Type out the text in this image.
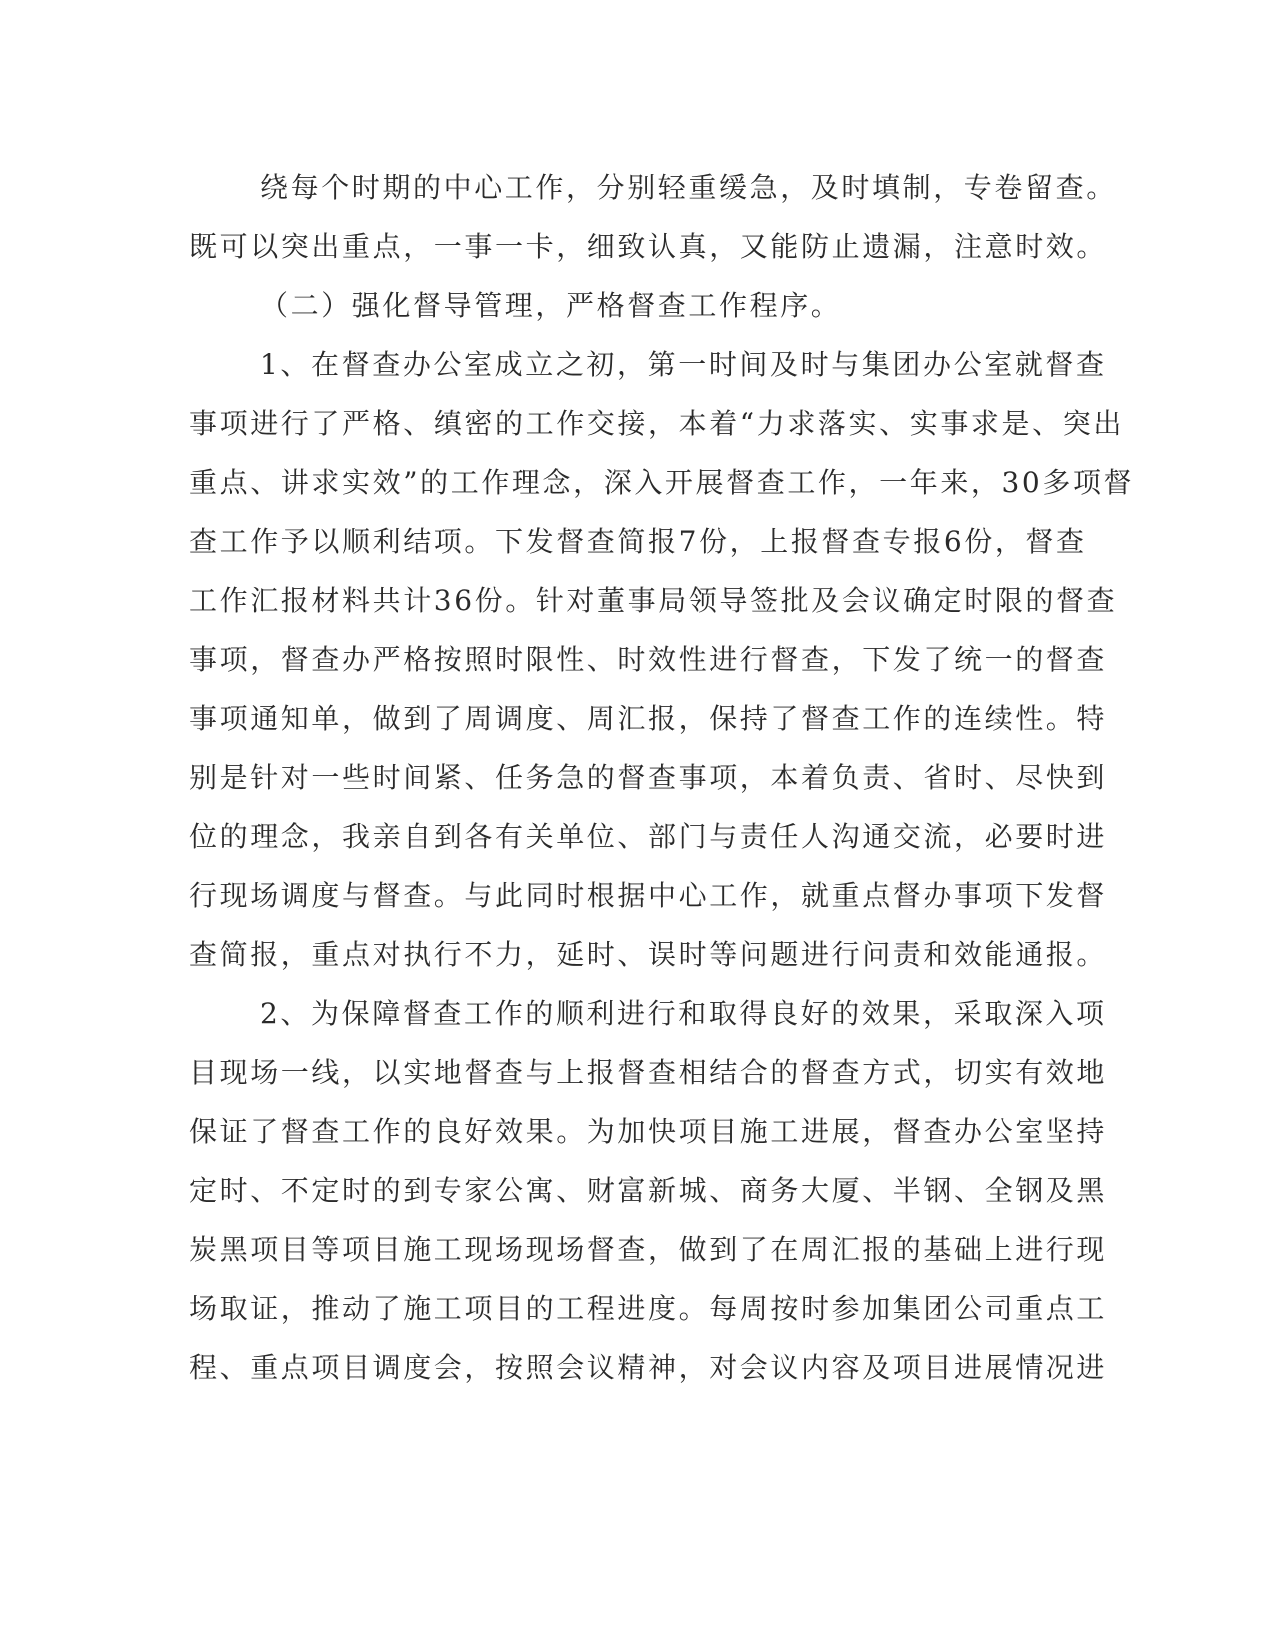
绕每个时期的中心工作，分别轻重缓急，及时填制，专卷留查。
既可以突出重点，一事一卡，细致认真，又能防止遗漏，注意时效。
（二）强化督导管理，严格督查工作程序。
1、在督查办公室成立之初，第一时间及时与集团办公室就督查
事项进行了严格、缜密的工作交接，本着“力求落实、实事求是、突出
重点、讲求实效”的工作理念，深入开展督查工作，一年来，30多项督
查工作予以顺利结项。下发督查简报7份，上报督查专报6份，督查
工作汇报材料共计36份。针对董事局领导签批及会议确定时限的督查
事项，督查办严格按照时限性、时效性进行督查，下发了统一的督查
事项通知单，做到了周调度、周汇报，保持了督查工作的连续性。特
别是针对一些时间紧、任务急的督查事项，本着负责、省时、尽快到
位的理念，我亲自到各有关单位、部门与责任人沟通交流，必要时进
行现场调度与督查。与此同时根据中心工作，就重点督办事项下发督
查简报，重点对执行不力，延时、误时等问题进行问责和效能通报。
2、为保障督查工作的顺利进行和取得良好的效果，采取深入项
目现场一线，以实地督查与上报督查相结合的督查方式，切实有效地
保证了督查工作的良好效果。为加快项目施工进展，督查办公室坚持
定时、不定时的到专家公寓、财富新城、商务大厦、半钢、全钢及黑
炭黑项目等项目施工现场现场督查，做到了在周汇报的基础上进行现
场取证，推动了施工项目的工程进度。每周按时参加集团公司重点工
程、重点项目调度会，按照会议精神，对会议内容及项目进展情况进
